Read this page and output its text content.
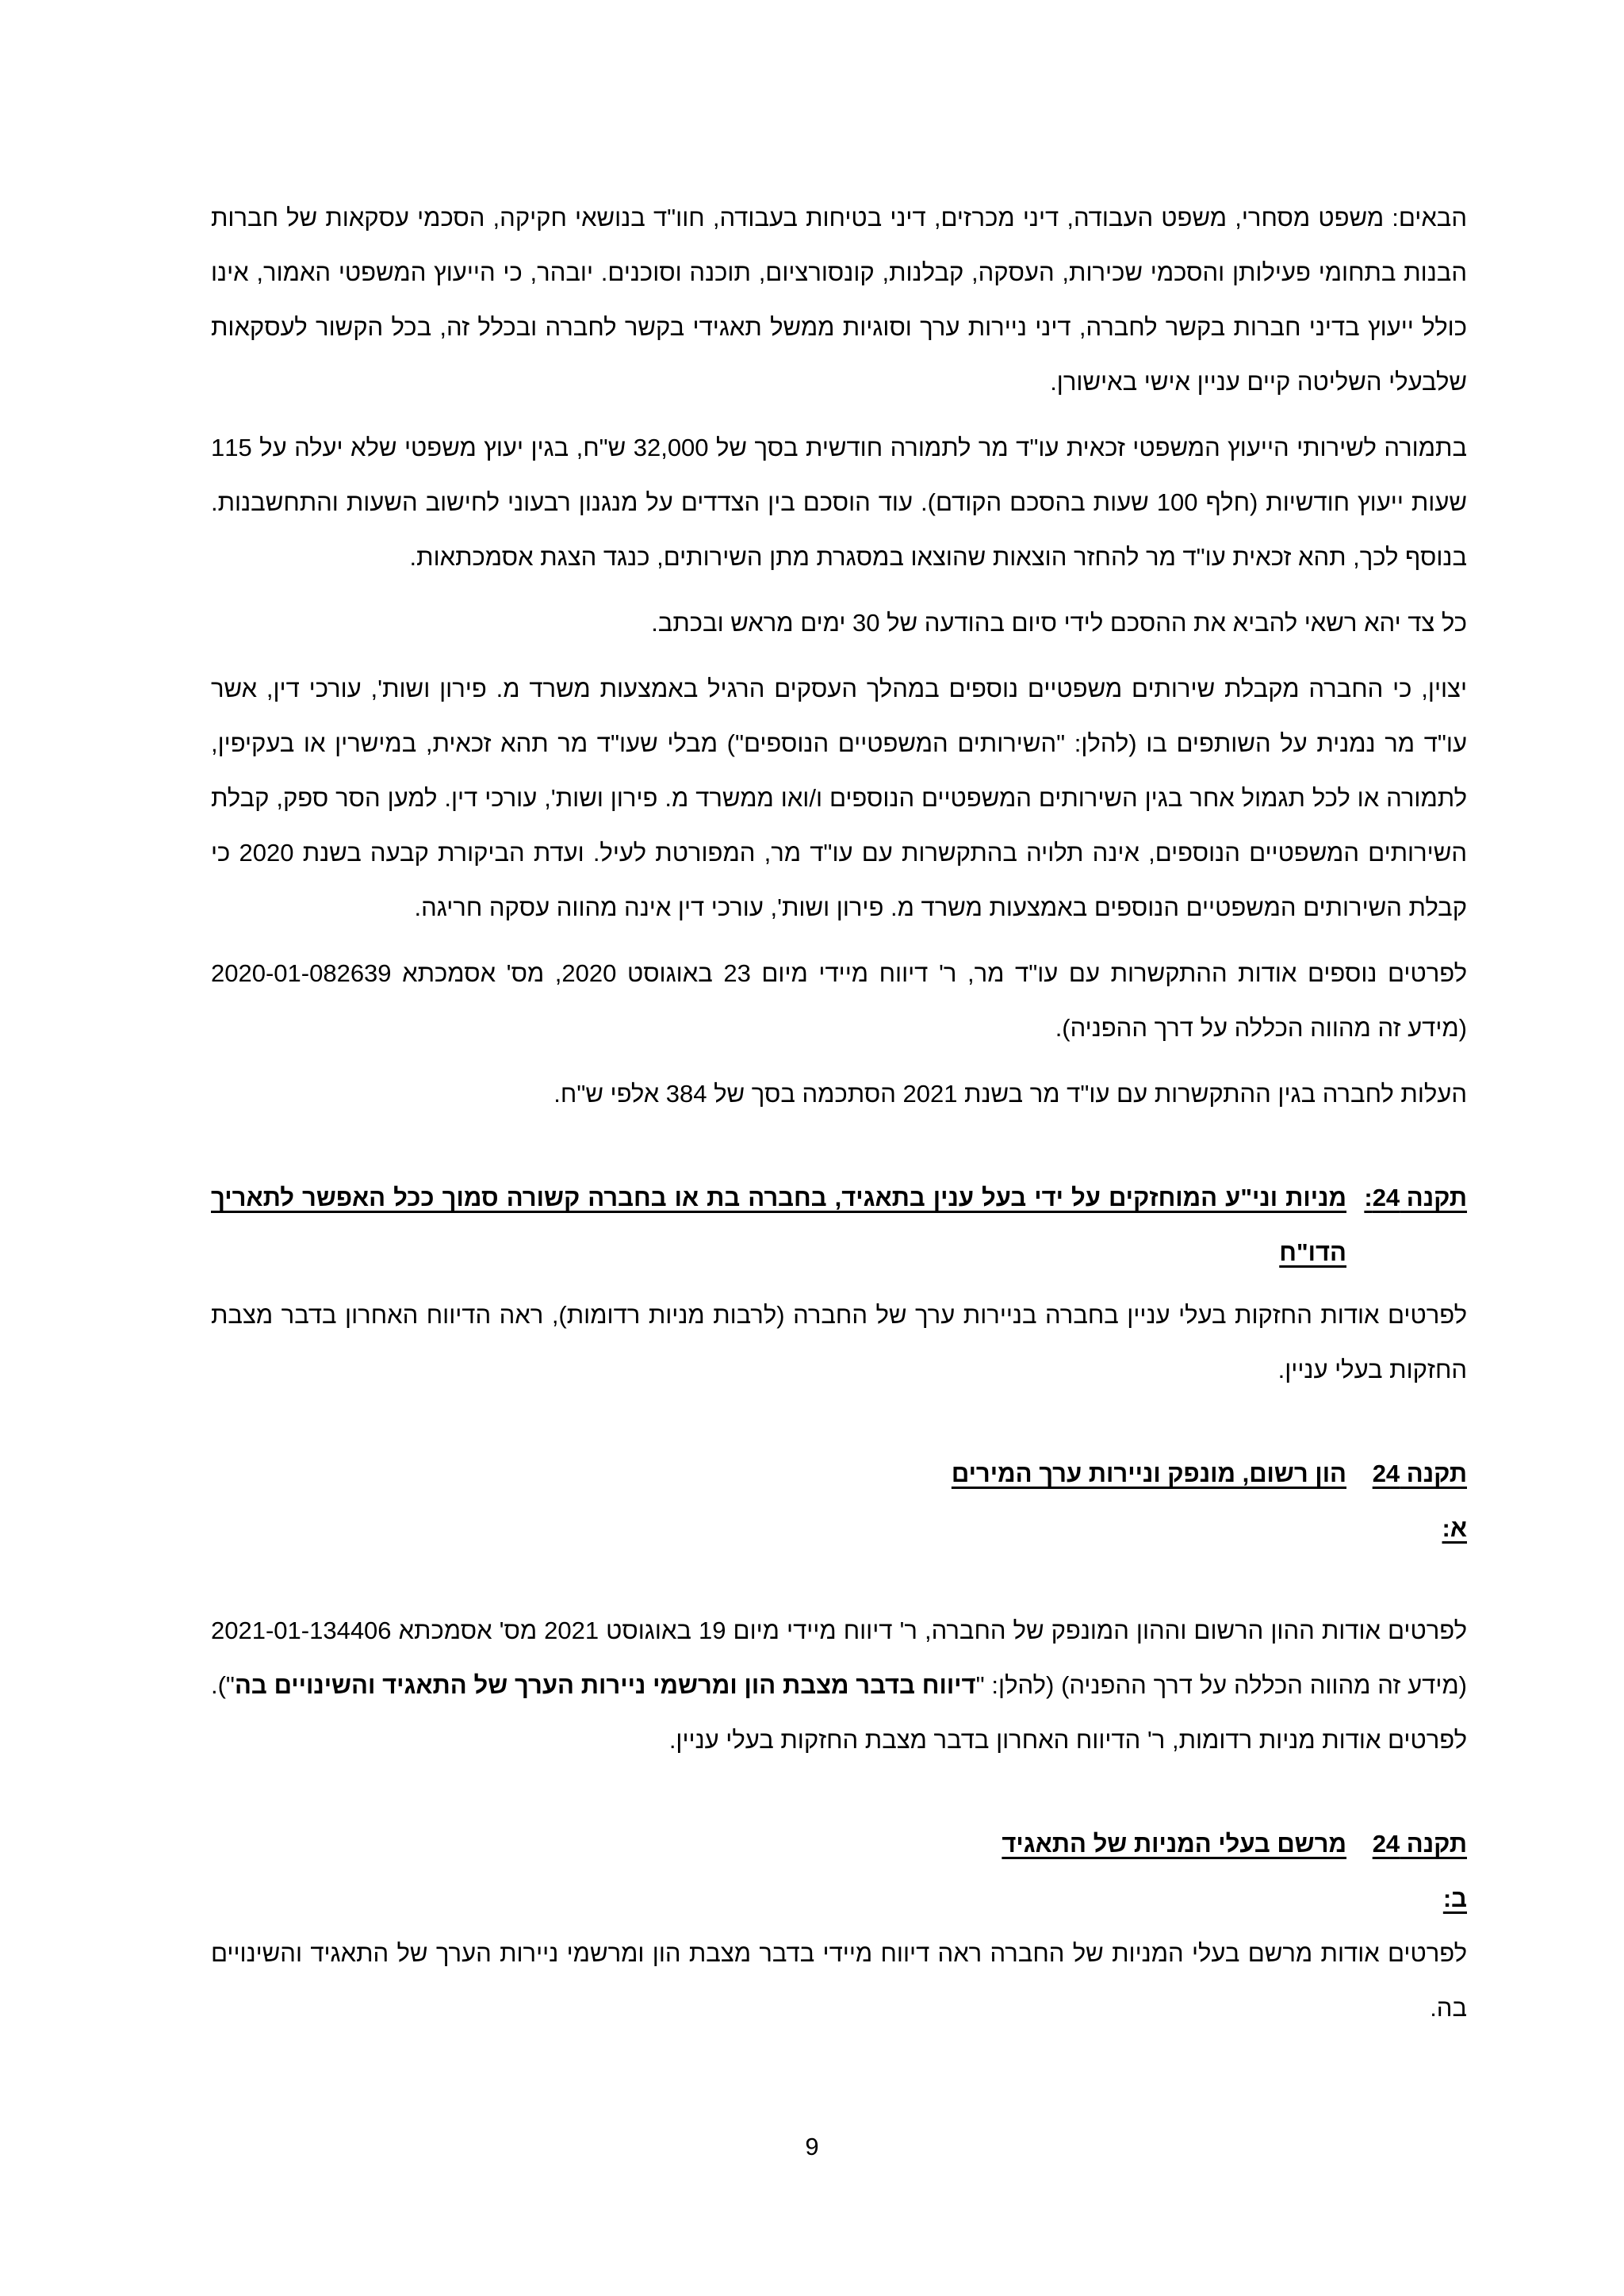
הבאים: משפט מסחרי, משפט העבודה, דיני מכרזים, דיני בטיחות בעבודה, חוו"ד בנושאי חקיקה, הסכמי עסקאות של חברות הבנות בתחומי פעילותן והסכמי שכירות, העסקה, קבלנות, קונסורציום, תוכנה וסוכנים. יובהר, כי הייעוץ המשפטי האמור, אינו כולל ייעוץ בדיני חברות בקשר לחברה, דיני ניירות ערך וסוגיות ממשל תאגידי בקשר לחברה ובכלל זה, בכל הקשור לעסקאות שלבעלי השליטה קיים עניין אישי באישורן.

בתמורה לשירותי הייעוץ המשפטי זכאית עו"ד מר לתמורה חודשית בסך של 32,000 ש"ח, בגין יעוץ משפטי שלא יעלה על 115 שעות ייעוץ חודשיות (חלף 100 שעות בהסכם הקודם). עוד הוסכם בין הצדדים על מנגנון רבעוני לחישוב השעות והתחשבנות. בנוסף לכך, תהא זכאית עו"ד מר להחזר הוצאות שהוצאו במסגרת מתן השירותים, כנגד הצגת אסמכתאות.

כל צד יהא רשאי להביא את ההסכם לידי סיום בהודעה של 30 ימים מראש ובכתב.

יצוין, כי החברה מקבלת שירותים משפטיים נוספים במהלך העסקים הרגיל באמצעות משרד מ. פירון ושות', עורכי דין, אשר עו"ד מר נמנית על השותפים בו (להלן: "השירותים המשפטיים הנוספים") מבלי שעו"ד מר תהא זכאית, במישרין או בעקיפין, לתמורה או לכל תגמול אחר בגין השירותים המשפטיים הנוספים ו/ואו ממשרד מ. פירון ושות', עורכי דין. למען הסר ספק, קבלת השירותים המשפטיים הנוספים, אינה תלויה בהתקשרות עם עו"ד מר, המפורטת לעיל. ועדת הביקורת קבעה בשנת 2020 כי קבלת השירותים המשפטיים הנוספים באמצעות משרד מ. פירון ושות', עורכי דין אינה מהווה עסקה חריגה.

לפרטים נוספים אודות ההתקשרות עם עו"ד מר, ר' דיווח מיידי מיום 23 באוגוסט 2020, מס' אסמכתא 2020-01-082639 (מידע זה מהווה הכללה על דרך ההפניה).

העלות לחברה בגין ההתקשרות עם עו"ד מר בשנת 2021 הסתכמה בסך של 384 אלפי ש"ח.

תקנה 24:
מניות וני"ע המוחזקים על ידי בעל ענין בתאגיד, בחברה בת או בחברה קשורה סמוך ככל האפשר לתאריך הדו"ח

לפרטים אודות החזקות בעלי עניין בחברה בניירות ערך של החברה (לרבות מניות רדומות), ראה הדיווח האחרון בדבר מצבת החזקות בעלי עניין.

תקנה 24 א:
הון רשום, מונפק וניירות ערך המירים

לפרטים אודות ההון הרשום וההון המונפק של החברה, ר' דיווח מיידי מיום 19 באוגוסט 2021 מס' אסמכתא 2021-01-134406 (מידע זה מהווה הכללה על דרך ההפניה) (להלן: "דיווח בדבר מצבת הון ומרשמי ניירות הערך של התאגיד והשינויים בה"). לפרטים אודות מניות רדומות, ר' הדיווח האחרון בדבר מצבת החזקות בעלי עניין.

תקנה 24 ב:
מרשם בעלי המניות של התאגיד

לפרטים אודות מרשם בעלי המניות של החברה ראה דיווח מיידי בדבר מצבת הון ומרשמי ניירות הערך של התאגיד והשינויים בה.

9
